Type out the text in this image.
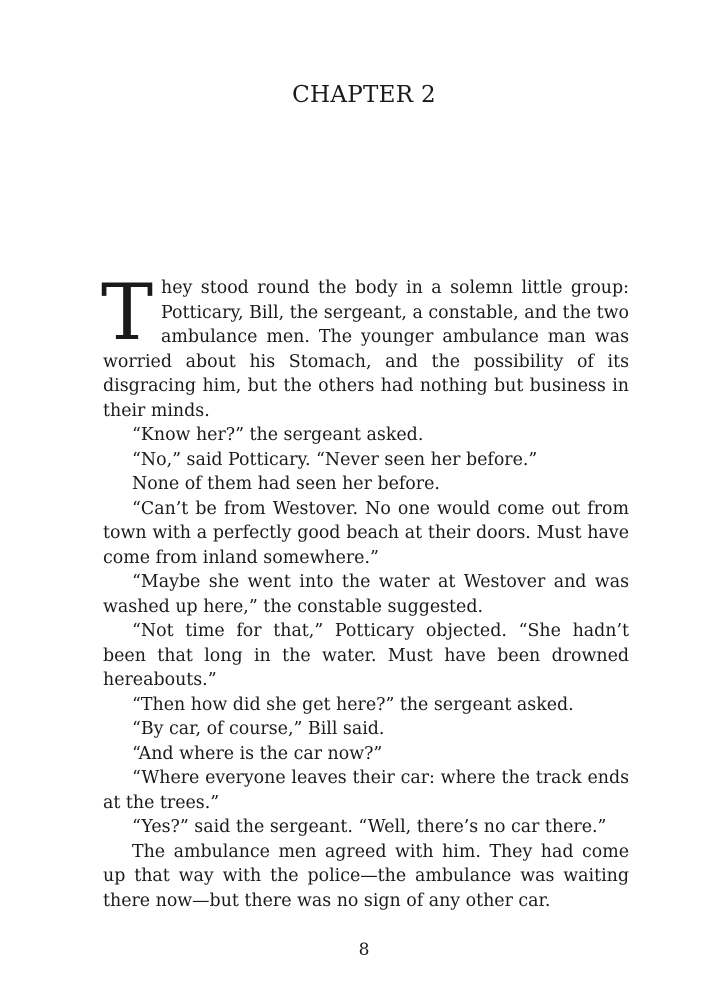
CHAPTER 2

They stood round the body in a solemn little group: Potticary, Bill, the sergeant, a constable, and the two ambulance men. The younger ambulance man was worried about his Stomach, and the possibility of its disgracing him, but the others had nothing but business in their minds.

“Know her?” the sergeant asked.

“No,” said Potticary. “Never seen her before.”

None of them had seen her before.

“Can’t be from Westover. No one would come out from town with a perfectly good beach at their doors. Must have come from inland somewhere.”

“Maybe she went into the water at Westover and was washed up here,” the constable suggested.

“Not time for that,” Potticary objected. “She hadn’t been that long in the water. Must have been drowned hereabouts.”

“Then how did she get here?” the sergeant asked.

“By car, of course,” Bill said.

“And where is the car now?”

“Where everyone leaves their car: where the track ends at the trees.”

“Yes?” said the sergeant. “Well, there’s no car there.”

The ambulance men agreed with him. They had come up that way with the police—the ambulance was waiting there now—but there was no sign of any other car.

8
